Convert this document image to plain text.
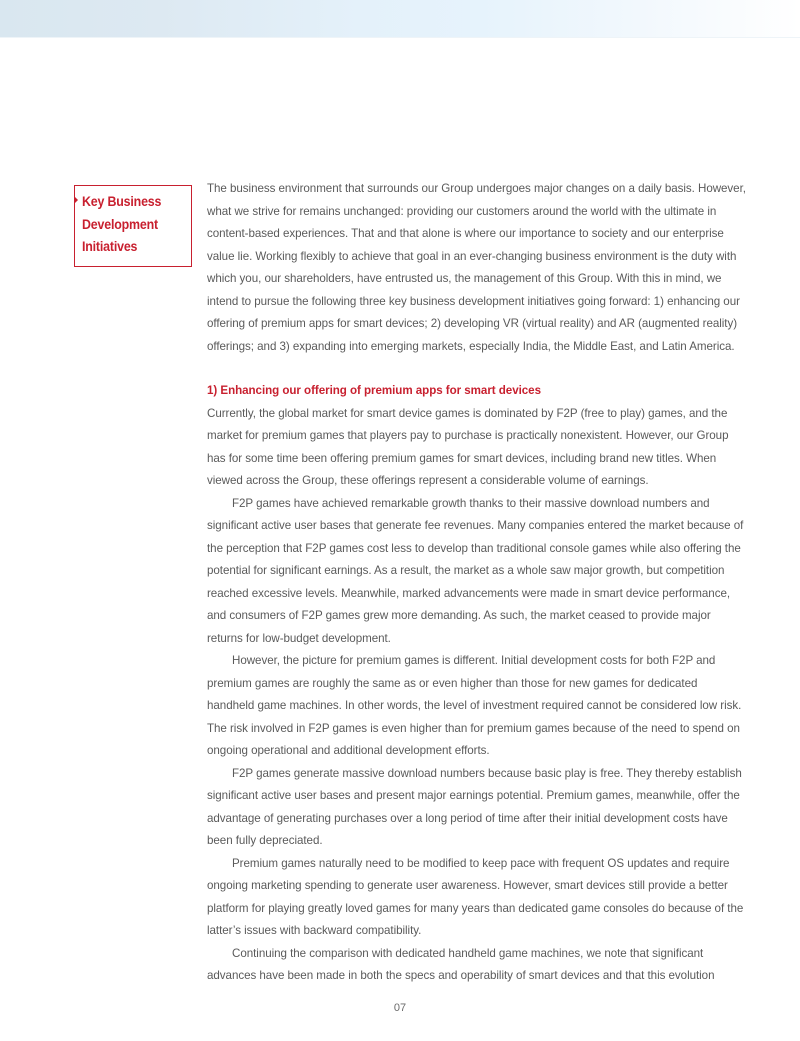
Key Business Development Initiatives

The business environment that surrounds our Group undergoes major changes on a daily basis. However, what we strive for remains unchanged: providing our customers around the world with the ultimate in content-based experiences. That and that alone is where our importance to society and our enterprise value lie. Working flexibly to achieve that goal in an ever-changing business environment is the duty with which you, our shareholders, have entrusted us, the management of this Group. With this in mind, we intend to pursue the following three key business development initiatives going forward: 1) enhancing our offering of premium apps for smart devices; 2) developing VR (virtual reality) and AR (augmented reality) offerings; and 3) expanding into emerging markets, especially India, the Middle East, and Latin America.

1) Enhancing our offering of premium apps for smart devices

Currently, the global market for smart device games is dominated by F2P (free to play) games, and the market for premium games that players pay to purchase is practically nonexistent. However, our Group has for some time been offering premium games for smart devices, including brand new titles. When viewed across the Group, these offerings represent a considerable volume of earnings.

F2P games have achieved remarkable growth thanks to their massive download numbers and significant active user bases that generate fee revenues. Many companies entered the market because of the perception that F2P games cost less to develop than traditional console games while also offering the potential for significant earnings. As a result, the market as a whole saw major growth, but competition reached excessive levels. Meanwhile, marked advancements were made in smart device performance, and consumers of F2P games grew more demanding. As such, the market ceased to provide major returns for low-budget development.

However, the picture for premium games is different. Initial development costs for both F2P and premium games are roughly the same as or even higher than those for new games for dedicated handheld game machines. In other words, the level of investment required cannot be considered low risk. The risk involved in F2P games is even higher than for premium games because of the need to spend on ongoing operational and additional development efforts.

F2P games generate massive download numbers because basic play is free. They thereby establish significant active user bases and present major earnings potential. Premium games, meanwhile, offer the advantage of generating purchases over a long period of time after their initial development costs have been fully depreciated.

Premium games naturally need to be modified to keep pace with frequent OS updates and require ongoing marketing spending to generate user awareness. However, smart devices still provide a better platform for playing greatly loved games for many years than dedicated game consoles do because of the latter’s issues with backward compatibility.

Continuing the comparison with dedicated handheld game machines, we note that significant advances have been made in both the specs and operability of smart devices and that this evolution

07
